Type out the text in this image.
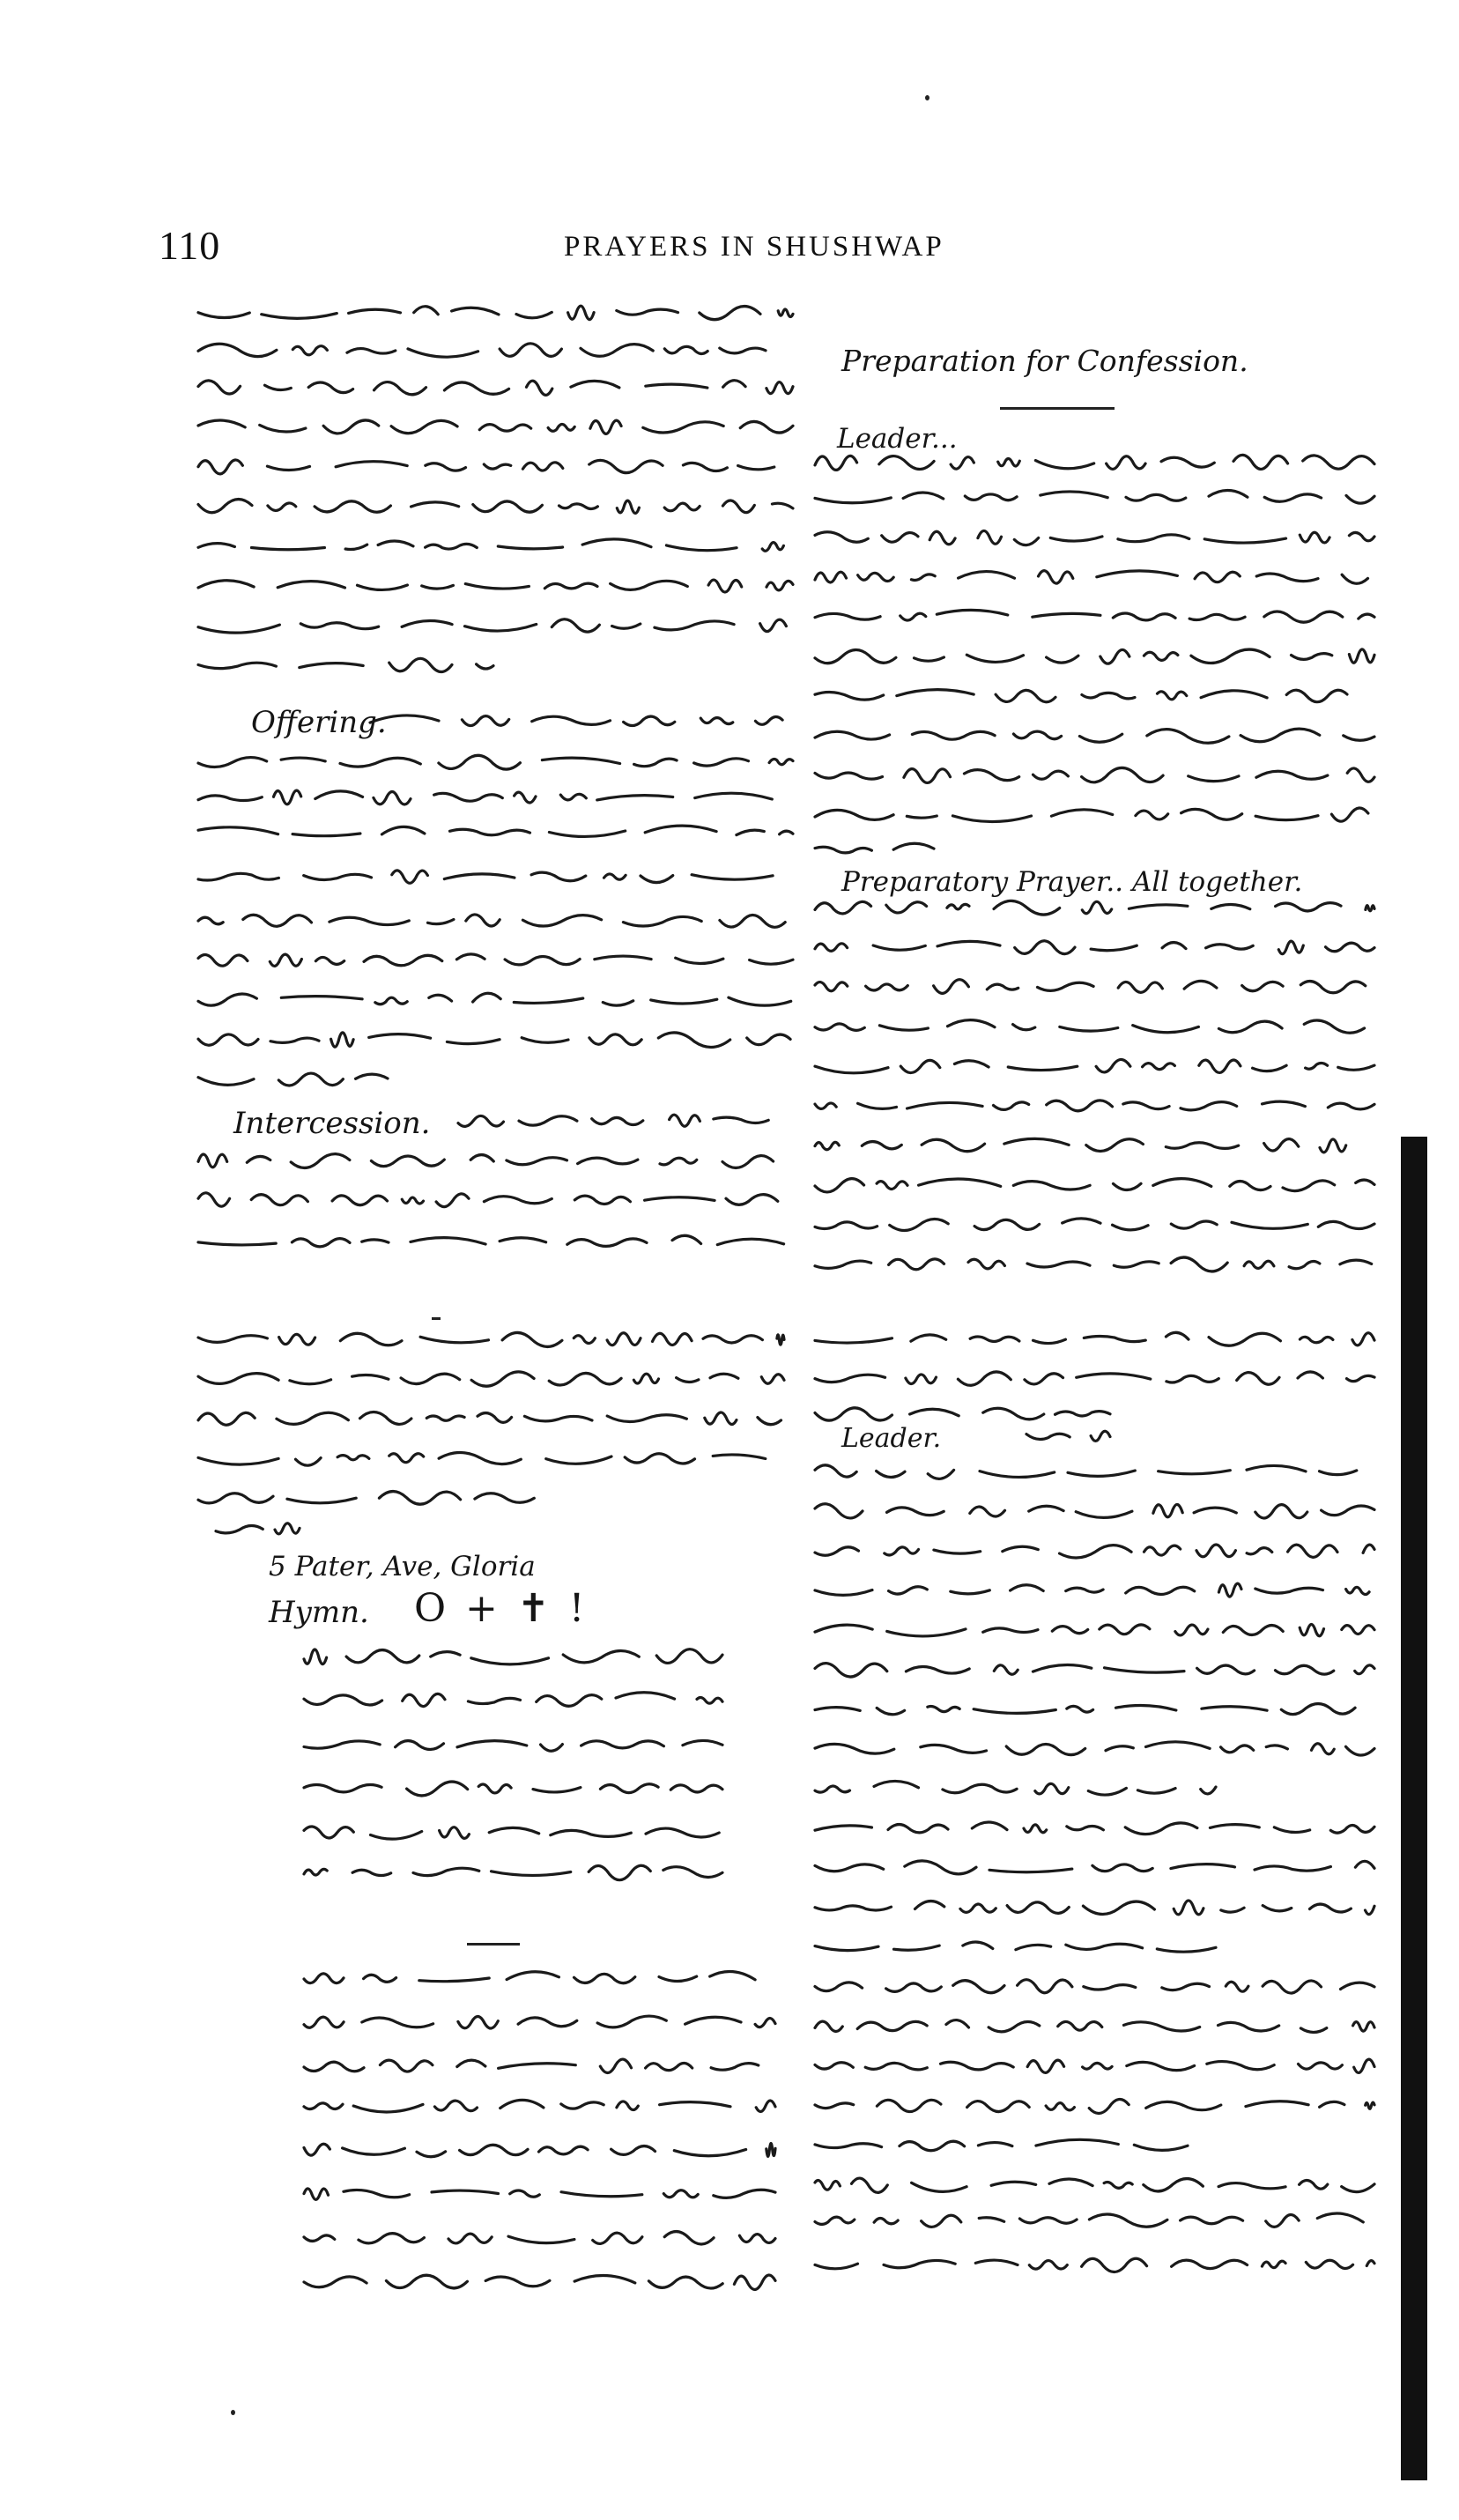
110	PRAYERS IN SHUSHWAP
Offering.
Intercession.
5 Pater, Ave, Gloria
Hymn. O + ✝ !
Preparation for Confession.
Leader...
Preparatory Prayer.. All together.
Leader.
